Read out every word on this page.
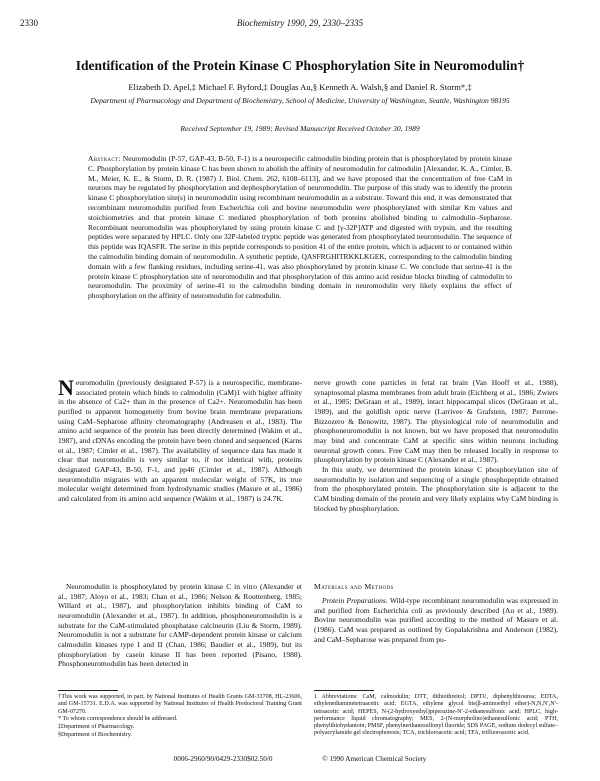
2330	Biochemistry 1990, 29, 2330–2335
Identification of the Protein Kinase C Phosphorylation Site in Neuromodulin†
Elizabeth D. Apel,‡ Michael F. Byford,‡ Douglas Au,§ Kenneth A. Walsh,§ and Daniel R. Storm*,‡
Department of Pharmacology and Department of Biochemistry, School of Medicine, University of Washington, Seattle, Washington 98195
Received September 19, 1989; Revised Manuscript Received October 30, 1989

Abstract: Neuromodulin (P-57, GAP-43, B-50, F-1) is a neurospecific calmodulin binding protein that is phosphorylated by protein kinase C. Phosphorylation by protein kinase C has been shown to abolish the affinity of neuromodulin for calmodulin [Alexander, K. A., Cimler, B. M., Meier, K. E., & Storm, D. R. (1987) J. Biol. Chem. 262, 6108–6113], and we have proposed that the concentration of free CaM in neurons may be regulated by phosphorylation and dephosphorylation of neuromodulin. The purpose of this study was to identify the protein kinase C phosphorylation site(s) in neuromodulin using recombinant neuromodulin as a substrate. Toward this end, it was demonstrated that recombinant neuromodulin purified from Escherichia coli and bovine neuromodulin were phosphorylated with similar Km values and stoichiometries and that protein kinase C mediated phosphorylation of both proteins abolished binding to calmodulin–Sepharose. Recombinant neuromodulin was phosphorylated by using protein kinase C and [γ-32P]ATP and digested with trypsin, and the resulting peptides were separated by HPLC. Only one 32P-labeled tryptic peptide was generated from phosphorylated neuromodulin. The sequence of this peptide was IQASFR. The serine in this peptide corresponds to position 41 of the entire protein, which is adjacent to or contained within the calmodulin binding domain of neuromodulin. A synthetic peptide, QASFRGHITRKKLKGEK, corresponding to the calmodulin binding domain with a few flanking residues, including serine-41, was also phosphorylated by protein kinase C. We conclude that serine-41 is the protein kinase C phosphorylation site of neuromodulin and that phosphorylation of this amino acid residue blocks binding of calmodulin to neuromodulin. The proximity of serine-41 to the calmodulin binding domain in neuromodulin very likely explains the effect of phosphorylation on the affinity of neuromodulin for calmodulin.

Neuromodulin (previously designated P-57) is a neurospecific, membrane-associated protein which binds to calmodulin (CaM)1 with higher affinity in the absence of Ca2+ than in the presence of Ca2+. Neuromodulin has been purified to apparent homogeneity from bovine brain membrane preparations using CaM–Sepharose affinity chromatography (Andreasen et al., 1983). The amino acid sequence of the protein has been directly determined (Wakim et al., 1987), and cDNAs encoding the protein have been cloned and sequenced (Karns et al., 1987; Cimler et al., 1987). The availability of sequence data has made it clear that neuromodulin is very similar to, if not identical with, proteins designated GAP-43, B-50, F-1, and pp46 (Cimler et al., 1987). Although neuromodulin migrates with an apparent molecular weight of 57K, its true molecular weight determined from hydrodynamic studies (Masure et al., 1986) and calculated from its amino acid sequence (Wakim et al., 1987) is 24.7K.

Neuromodulin is phosphorylated by protein kinase C in vitro (Alexander et al., 1987; Aloyo et al., 1983; Chan et al., 1986; Nelson & Routtenberg, 1985; Willard et al., 1987), and phosphorylation inhibits binding of CaM to neuromodulin (Alexander et al., 1987). In addition, phosphoneuromodulin is a substrate for the CaM-stimulated phosphatase calcineurin (Liu & Storm, 1989). Neuromodulin is not a substrate for cAMP-dependent protein kinase or calcium calmodulin kinases type I and II (Chan, 1986; Baudier et al., 1989), but its phosphorylation by casein kinase II has been reported (Pisano, 1988). Phosphoneuromodulin has been detected in

nerve growth cone particles in fetal rat brain (Van Hooff et al., 1988), synaptosomal plasma membranes from adult brain (Eichberg et al., 1986; Zwiers et al., 1985; DeGraan et al., 1989), intact hippocampal slices (DeGraan et al., 1989), and the goldfish optic nerve (Larrivee & Grafstein, 1987; Perrone-Bizzozero & Benowitz, 1987). The physiological role of neuromodulin and phosphoneuromodulin is not known, but we have proposed that neuromodulin may bind and concentrate CaM at specific sites within neurons including neuronal growth cones. Free CaM may then be released locally in response to phosphorylation by protein kinase C (Alexander et al., 1987).

In this study, we determined the protein kinase C phosphorylation site of neuromodulin by isolation and sequencing of a single phosphopeptide obtained from the phosphorylated protein. The phosphorylation site is adjacent to the CaM binding domain of the protein and very likely explains why CaM binding is blocked by phosphorylation.

Materials and Methods
Protein Preparations. Wild-type recombinant neuromodulin was expressed in and purified from Escherichia coli as previously described (Au et al., 1989). Bovine neuromodulin was purified according to the method of Masure et al. (1986). CaM was prepared as outlined by Gopalakrishna and Anderson (1982), and CaM–Sepharose was prepared from pu-
†This work was supported, in part, by National Institutes of Health Grants GM-33708, HL-23606, and GM-15731. E.D.A. was supported by National Institutes of Health Predoctoral Training Grant GM-07270.
* To whom correspondence should be addressed.
‡Department of Pharmacology.
§Department of Biochemistry.
1 Abbreviations: CaM, calmodulin; DTT, dithiothreitol; DPTU, diphenylthiourea; EDTA, ethylenediaminetetraacetic acid; EGTA, ethylene glycol bis(β-aminoethyl ether)-N,N,N′,N′-tetraacetic acid; HEPES, N-(2-hydroxyethyl)piperazine-N′-2-ethanesulfonic acid; HPLC, high-performance liquid chromatography; MES, 2-(N-morpholino)ethanesulfonic acid; PTH, phenylthiohydantoin; PMSF, phenylmethanesulfonyl fluoride; SDS PAGE, sodium dodecyl sulfate–polyacrylamide gel electrophoresis; TCA, trichloroacetic acid; TFA, trifluoroacetic acid.
0006-2960/90/0429-2330$02.50/0	© 1990 American Chemical Society
